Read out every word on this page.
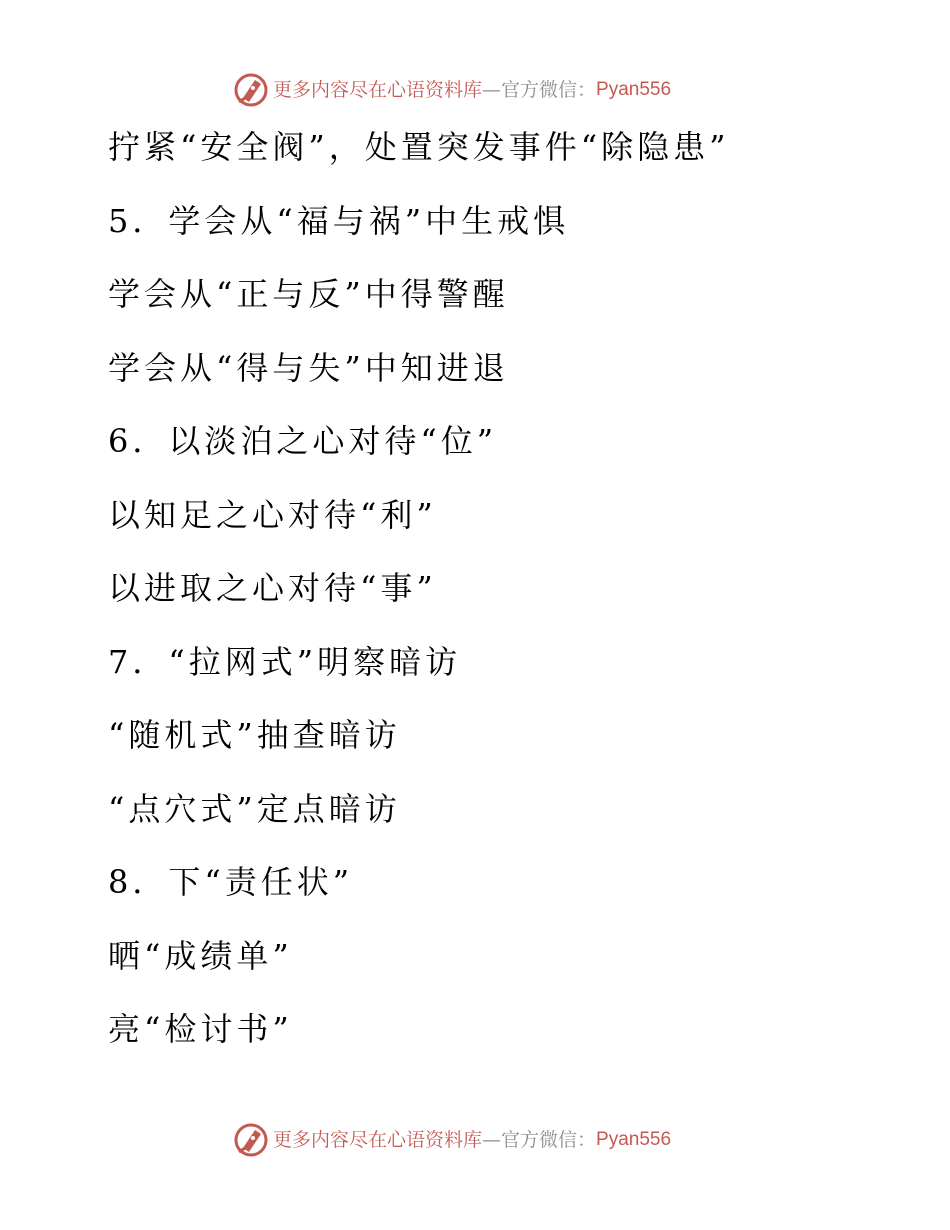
更多内容尽在心语资料库 — 官方微信： Pyan556
拧紧“安全阀”，处置突发事件“除隐患”
5．学会从“福与祸”中生戒惧
学会从“正与反”中得警醒
学会从“得与失”中知进退
6．以淡泊之心对待“位”
以知足之心对待“利”
以进取之心对待“事”
7．“拉网式”明察暗访
“随机式”抽查暗访
“点穴式”定点暗访
8．下“责任状”
晒“成绩单”
亮“检讨书”
更多内容尽在心语资料库 — 官方微信： Pyan556
